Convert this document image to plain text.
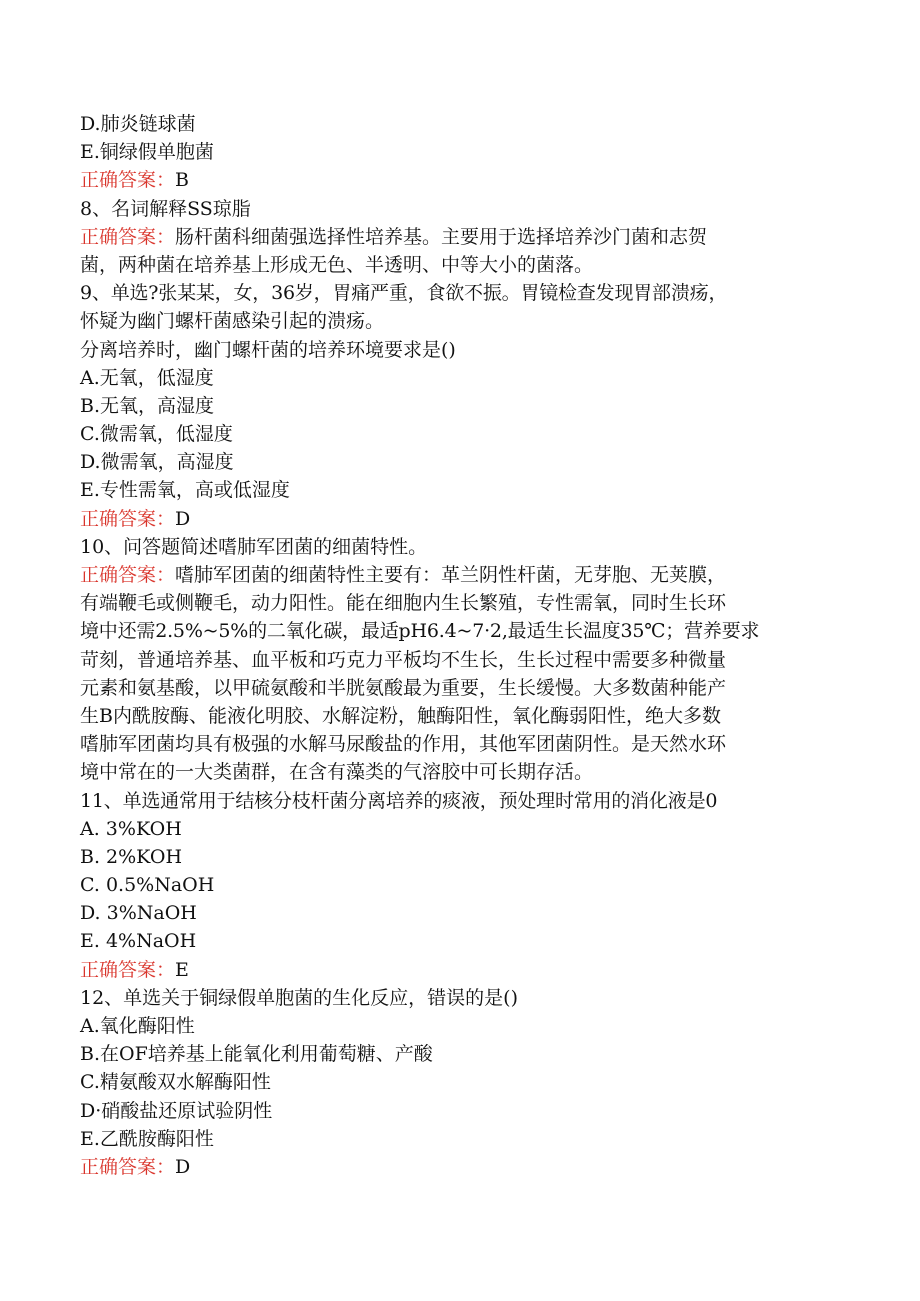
D.肺炎链球菌
E.铜绿假单胞菌
正确答案：B
8、名词解释SS琼脂
正确答案：肠杆菌科细菌强选择性培养基。主要用于选择培养沙门菌和志贺
菌，两种菌在培养基上形成无色、半透明、中等大小的菌落。
9、单选?张某某，女，36岁，胃痛严重，食欲不振。胃镜检查发现胃部溃疡，
怀疑为幽门螺杆菌感染引起的溃疡。
分离培养时，幽门螺杆菌的培养环境要求是()
A.无氧，低湿度
B.无氧，高湿度
C.微需氧，低湿度
D.微需氧，高湿度
E.专性需氧，高或低湿度
正确答案：D
10、问答题简述嗜肺军团菌的细菌特性。
正确答案：嗜肺军团菌的细菌特性主要有：革兰阴性杆菌，无芽胞、无荚膜，
有端鞭毛或侧鞭毛，动力阳性。能在细胞内生长繁殖，专性需氧，同时生长环
境中还需2.5%~5%的二氧化碳，最适pH6.4~7·2,最适生长温度35℃；营养要求
苛刻，普通培养基、血平板和巧克力平板均不生长，生长过程中需要多种微量
元素和氨基酸，以甲硫氨酸和半胱氨酸最为重要，生长缓慢。大多数菌种能产
生B内酰胺酶、能液化明胶、水解淀粉，触酶阳性，氧化酶弱阳性，绝大多数
嗜肺军团菌均具有极强的水解马尿酸盐的作用，其他军团菌阴性。是天然水环
境中常在的一大类菌群，在含有藻类的气溶胶中可长期存活。
11、单选通常用于结核分枝杆菌分离培养的痰液，预处理时常用的消化液是0
A. 3%KOH
B. 2%KOH
C. 0.5%NaOH
D. 3%NaOH
E. 4%NaOH
正确答案：E
12、单选关于铜绿假单胞菌的生化反应，错误的是()
A.氧化酶阳性
B.在OF培养基上能氧化利用葡萄糖、产酸
C.精氨酸双水解酶阳性
D·硝酸盐还原试验阴性
E.乙酰胺酶阳性
正确答案：D
